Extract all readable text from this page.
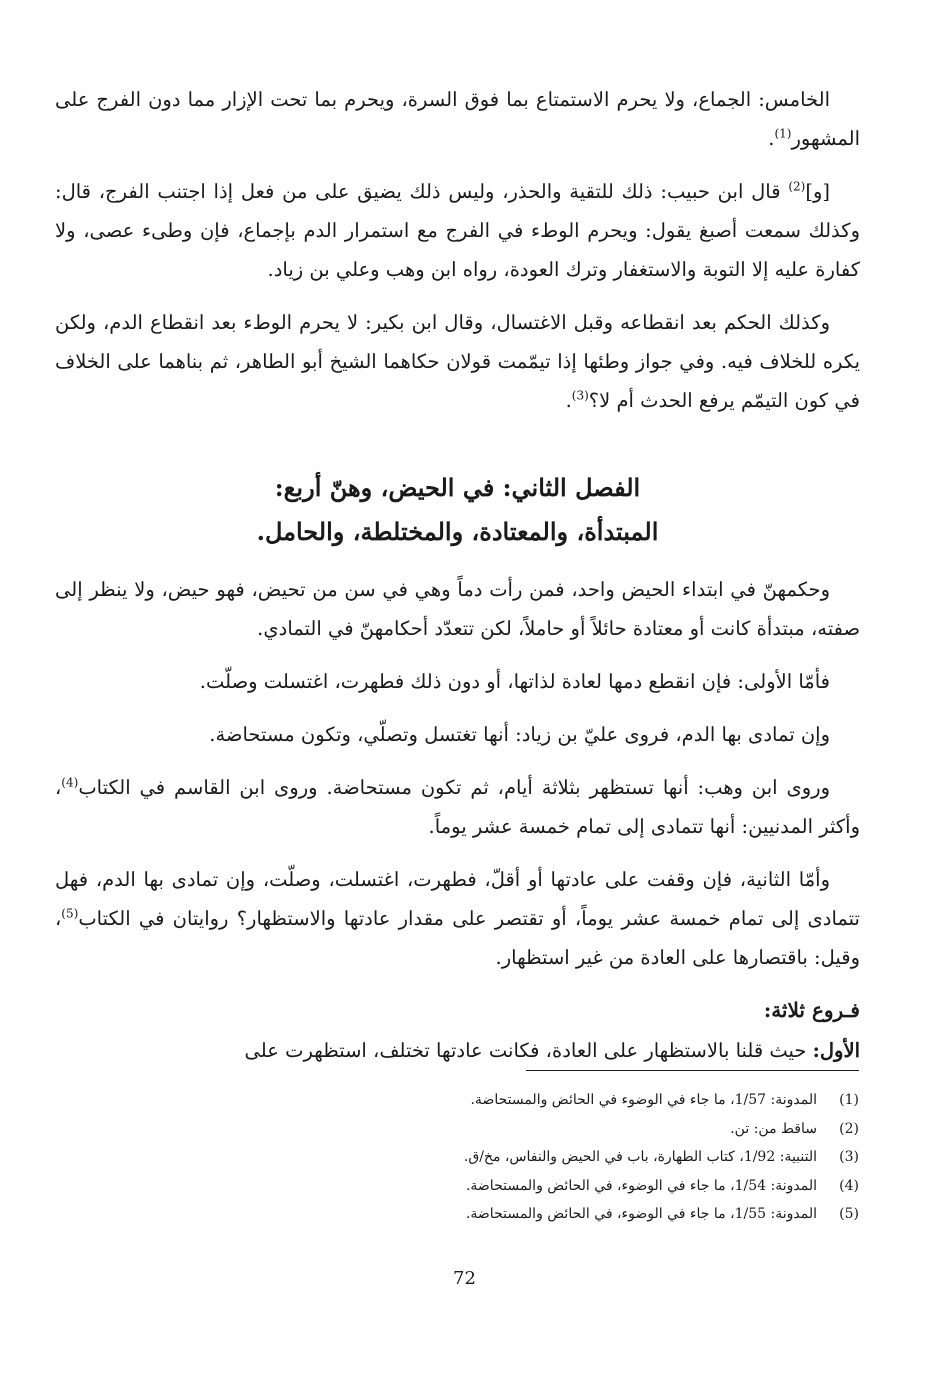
الخامس: الجماع، ولا يحرم الاستمتاع بما فوق السرة، ويحرم بما تحت الإزار مما دون الفرج على المشهور$^{(1)}$.

[و]$^{(2)}$ قال ابن حبيب: ذلك للتقية والحذر، وليس ذلك يضيق على من فعل إذا اجتنب الفرج، قال: وكذلك سمعت أصبغ يقول: ويحرم الوطء في الفرج مع استمرار الدم بإجماع، فإن وطىء عصى، ولا كفارة عليه إلا التوبة والاستغفار وترك العودة، رواه ابن وهب وعلي بن زياد.

وكذلك الحكم بعد انقطاعه وقبل الاغتسال، وقال ابن بكير: لا يحرم الوطء بعد انقطاع الدم، ولكن يكره للخلاف فيه. وفي جواز وطئها إذا تيمّمت قولان حكاهما الشيخ أبو الطاهر، ثم بناهما على الخلاف في كون التيمّم يرفع الحدث أم لا؟$^{(3)}$.

الفصل الثاني: في الحيض، وهنّ أربع:

المبتدأة، والمعتادة، والمختلطة، والحامل.

وحكمهنّ في ابتداء الحيض واحد، فمن رأت دماً وهي في سن من تحيض، فهو حيض، ولا ينظر إلى صفته، مبتدأة كانت أو معتادة حائلاً أو حاملاً، لكن تتعدّد أحكامهنّ في التمادي.

فأمّا الأولى: فإن انقطع دمها لعادة لذاتها، أو دون ذلك فطهرت، اغتسلت وصلّت.

وإن تمادى بها الدم، فروى عليّ بن زياد: أنها تغتسل وتصلّي، وتكون مستحاضة.

وروى ابن وهب: أنها تستظهر بثلاثة أيام، ثم تكون مستحاضة. وروى ابن القاسم في الكتاب$^{(4)}$، وأكثر المدنيين: أنها تتمادى إلى تمام خمسة عشر يوماً.

وأمّا الثانية، فإن وقفت على عادتها أو أقلّ، فطهرت، اغتسلت، وصلّت، وإن تمادى بها الدم، فهل تتمادى إلى تمام خمسة عشر يوماً، أو تقتصر على مقدار عادتها والاستظهار؟ روايتان في الكتاب$^{(5)}$، وقيل: باقتصارها على العادة من غير استظهار.

فـروع ثلاثة:

الأول: حيث قلنا بالاستظهار على العادة، فكانت عادتها تختلف، استظهرت على

(1)
المدونة: 1/57، ما جاء في الوضوء في الحائض والمستحاضة.
(2)
ساقط من: تن.
(3)
التنبية: 1/92، كتاب الطهارة، باب في الحيض والنفاس، مخ/ق.
(4)
المدونة: 1/54، ما جاء في الوضوء، في الحائض والمستحاضة.
(5)
المدونة: 1/55، ما جاء في الوضوء، في الحائض والمستحاضة.
72
